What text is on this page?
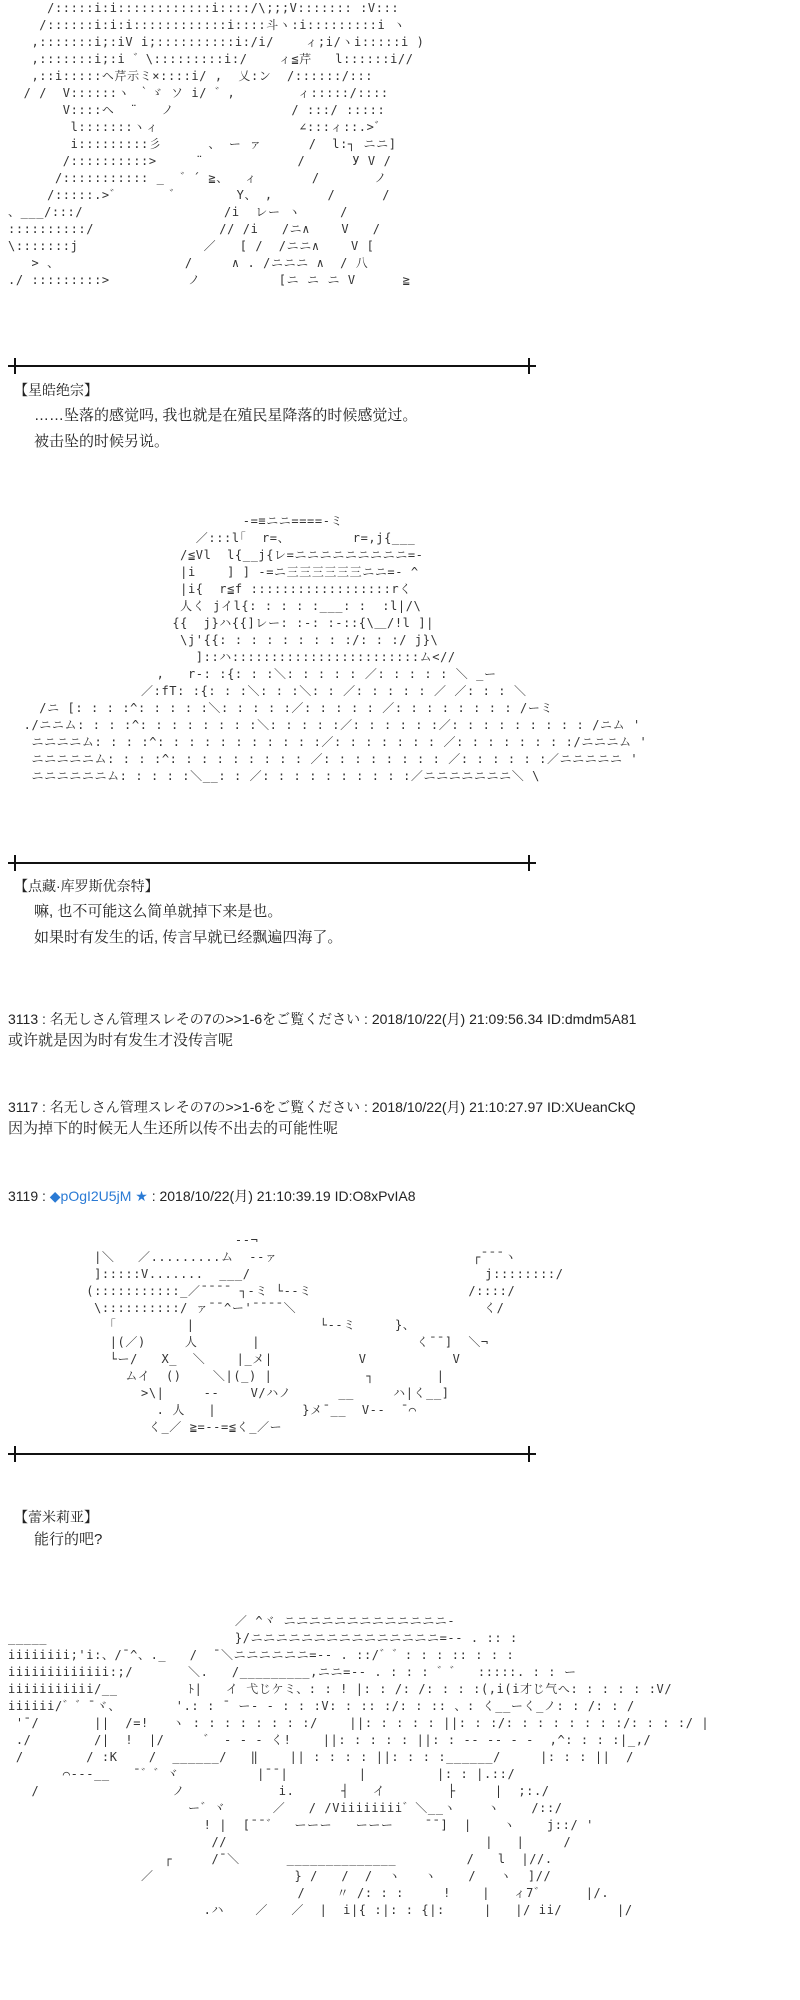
/:::::i:i::::::::::::i::::/\;;;V::::::: :V:::
/::::::i:i:i::::::::::::i::::斗ヽ:i:::::::::i ヽ
,:::::::i;:iV i;::::::::::i:/i/    ィ;i/ヽi:::::i )
,:::::::i;:i ゛\:::::::::i:/    ィ≦芹   l::::::i//
,::i:::::ヘ芹示ミ×::::i/ ,  乂:ン  /::::::/:::
/ /  V::::::ヽ ｀ゞ ソ i/ ゛,        ィ:::::/::::
V::::ヘ  ¨   ノ               / :::/ :::::
l:::::::ヽィ                  ∠:::ィ::.>゛
i:::::::::彡      、 ー ァ      /  l:┐ ニニ]
/::::::::::>     ¨            /      У V /
/::::::::::: _  ゛´ ≧、  ィ       /       ノ
/:::::.>゛      ゛       Y、 ,       /      /
、___/:::/                  /i  レー ヽ     /
::::::::::/                // /i   /ニ∧    V   /
\:::::::j                ／   [ /  /ニニ∧    V [
> 、                /     ∧ . /ニニニ ∧  / 八
./ :::::::::>          ノ          [ニ ニ ニ V      ≧
【星皓绝宗】

……坠落的感觉吗, 我也就是在殖民星降落的时候感觉过。

被击坠的时候另说。

-=≡ニニ====-ミ
／:::l｢  r=、        r=,j{___
/≦Vl  l{__j{レ=ニニニニニニニニニ=-
|i    ] ] -=ニ三三三三三三ニニ=- ^
|i{  r≦f ::::::::::::::::::rく
人く jイl{: : : : :___: :  :l|/\
{{  j}ハ{{]レー: :-: :-::{\＿/!l ]|
\j'{{: : : : : : : : :/: : :/ j}\
]::ハ::::::::::::::::::::::::ム<//
,   r‐: :{: : :＼: : : : : ／: : : : : ＼ _ー
／:fT: :{: : :＼: : :＼: : ／: : : : : ／ ／: : : ＼
/ニ [: : : :^: : : : :＼: : : : :／: : : : : ／: : : : : : : : /ーミ
./ニニム: : : :^: : : : : : : :＼: : : : :／: : : : : :／: : : : : : : : : /ニム '
ニニニニム: : : :^: : : : : : : : : : :／: : : : : : : ／: : : : : : : :/ニニニム '
ニニニニニム: : : :^: : : : : : : : : ／: : : : : : : : ／: : : : : :／ニニニニニ '
ニニニニニニム: : : : :＼__: : ／: : : : : : : : : :／ニニニニニニニ＼ \
【点藏·库罗斯优奈特】

嘛, 也不可能这么简单就掉下来是也。

如果时有发生的话, 传言早就已经飘遍四海了。

3113 : 名无しさん管理スレその7の>>1-6をご覧ください : 2018/10/22(月) 21:09:56.34 ID:dmdm5A81
或许就是因为时有发生才没传言呢
3117 : 名无しさん管理スレその7の>>1-6をご覧ください : 2018/10/22(月) 21:10:27.97 ID:XUeanCkQ
因为掉下的时候无人生还所以传不出去的可能性呢
3119 : ◆pOgI2U5jM ★ : 2018/10/22(月) 21:10:39.19 ID:O8xPvIA8
--¬
|＼   ／.........ム  --ァ                         ┌¯¯¯ヽ
]:::::V.......  ___/                              j::::::::/
(:::::::::::_／¯¯¯¯ ┐-ミ └--ミ                    /::::/
\::::::::::/ ァ¯¯^ー'¯¯¯¯＼                        く/
｢         |                └--ミ     }、
|(／)     人       |                    く¯¯]  ＼¬
└ー/   X_  ＼    |_メ|           V           V
ムイ  ()    ＼|(_) |            ┐        |
>\|     --    V/ハノ      __     ハ|く__]
. 人   |           }メ¯__  V--  ¯⌒
く_／ ≧=--=≦く_／ー
【蕾米莉亚】

能行的吧?

／ ^ヾ ニニニニニニニニニニニニニ-
_____                        }/ニニニニニニニニニニニニニニニ=-- . :: :
iiiiiiii;'i:、/¯^、._   /  ¯＼ニニニニニニ=-- . ::/゛゛: : : :: : : :
iiiiiiiiiiiii:;/       ＼.   /_________,ニニ=-- . : : : ゛゛  :::::. : : ー
iiiiiiiiiii/__         ﾄ|   イ 弋じケミ、: : ! |: : /: /: : : :(,i(i才じ气へ: : : : : :V/
iiiiii/゛゛¯ヾ、       '.: : ¯ ー- - : : :V: : :: :/: : :: 、: く__ーく_ノ: : /: : /
'¯/       ||  /=!   ヽ : : : : : : : :/    ||: : : : : ||: : :/: : : : : : : :/: : : :/ |
./        /|  !  |/     ゛ - - - く!    ||: : : : : ||: : -- -- - -  ,^: : : :|_,/
/        / :K    /  ______/   ‖    || : : : : ||: : : :______/     |: : : ||  /
⌒---__   ¯゛゛ヾ          |¯¯|         |         |: : |.::/
/                 ノ            i.      ┤   イ        ├     |  ;:./
ー゛ヾ      ／   / /Viiiiiiii゛＼__ヽ    ヽ    /::/
! |  [¯¯゛  ーーー   ーーー    ¯¯]  |    ヽ    j::/ '
//                                 |   |     /
┌     /¯＼      ______________         /   l  |//.
／                  } /   /  /  ヽ   ヽ    /   ヽ  ]//
/    〃 /: : :     !    |   ィ7゛     |/.
.ハ    ／   ／  |  i|{ :|: : {|:     |   |/ ii/       |/
